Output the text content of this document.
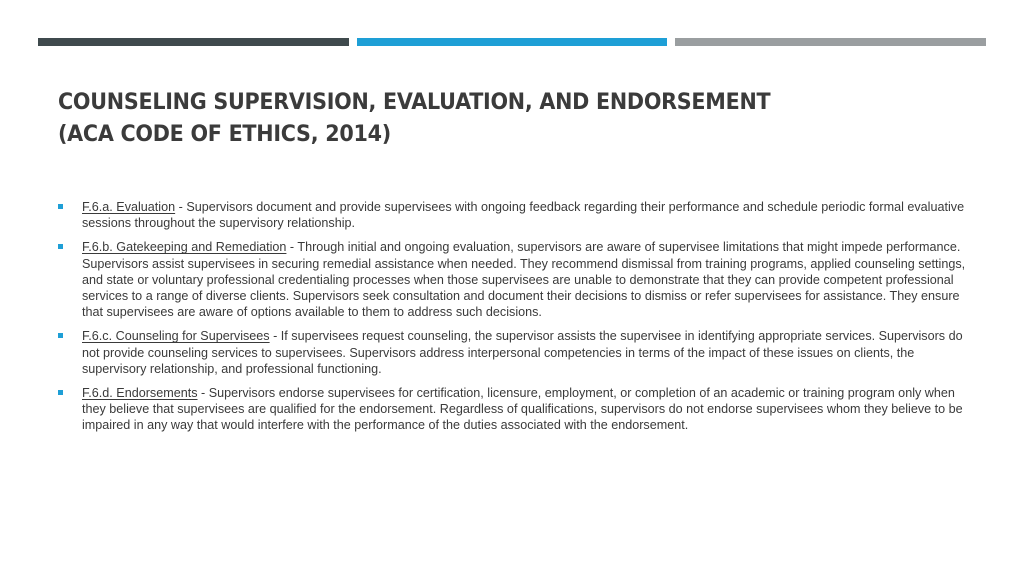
COUNSELING SUPERVISION, EVALUATION, AND ENDORSEMENT
(ACA CODE OF ETHICS, 2014)
F.6.a. Evaluation - Supervisors document and provide supervisees with ongoing feedback regarding their performance and schedule periodic formal evaluative sessions throughout the supervisory relationship.
F.6.b. Gatekeeping and Remediation - Through initial and ongoing evaluation, supervisors are aware of supervisee limitations that might impede performance. Supervisors assist supervisees in securing remedial assistance when needed. They recommend dismissal from training programs, applied counseling settings, and state or voluntary professional credentialing processes when those supervisees are unable to demonstrate that they can provide competent professional services to a range of diverse clients. Supervisors seek consultation and document their decisions to dismiss or refer supervisees for assistance. They ensure that supervisees are aware of options available to them to address such decisions.
F.6.c. Counseling for Supervisees - If supervisees request counseling, the supervisor assists the supervisee in identifying appropriate services. Supervisors do not provide counseling services to supervisees. Supervisors address interpersonal competencies in terms of the impact of these issues on clients, the supervisory relationship, and professional functioning.
F.6.d. Endorsements - Supervisors endorse supervisees for certification, licensure, employment, or completion of an academic or training program only when they believe that supervisees are qualified for the endorsement. Regardless of qualifications, supervisors do not endorse supervisees whom they believe to be impaired in any way that would interfere with the performance of the duties associated with the endorsement.
